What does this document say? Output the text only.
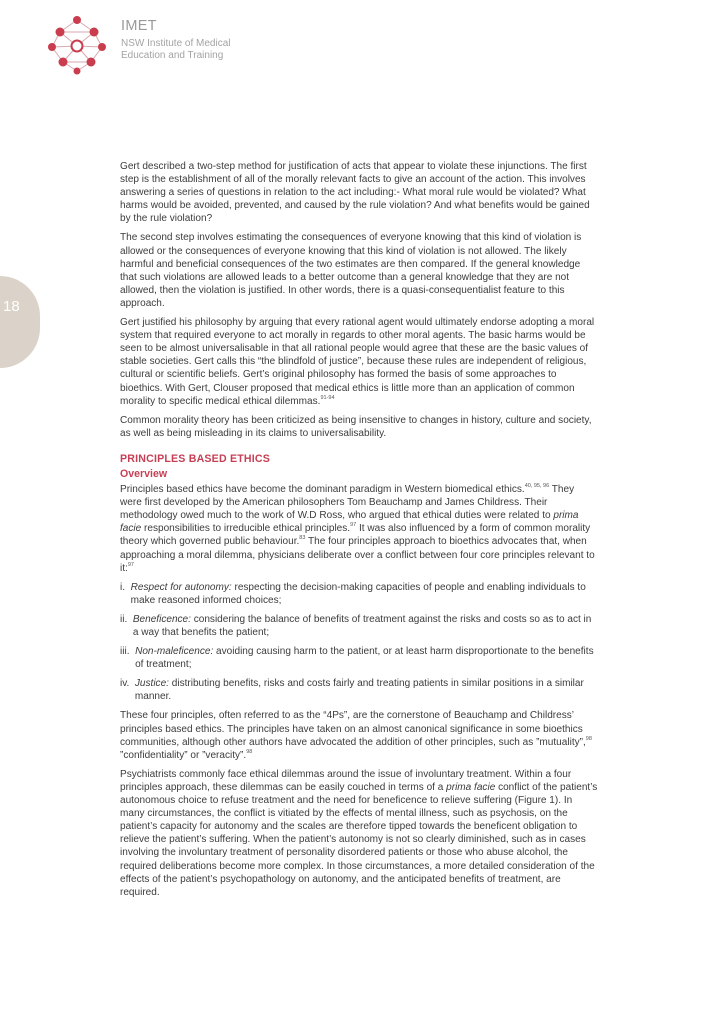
IMET
NSW Institute of Medical Education and Training
18

Gert described a two-step method for justification of acts that appear to violate these injunctions. The first step is the establishment of all of the morally relevant facts to give an account of the action. This involves answering a series of questions in relation to the act including:- What moral rule would be violated? What harms would be avoided, prevented, and caused by the rule violation? And what benefits would be gained by the rule violation?

The second step involves estimating the consequences of everyone knowing that this kind of violation is allowed or the consequences of everyone knowing that this kind of violation is not allowed. The likely harmful and beneficial consequences of the two estimates are then compared. If the general knowledge that such violations are allowed leads to a better outcome than a general knowledge that they are not allowed, then the violation is justified. In other words, there is a quasi-consequentialist feature to this approach.

Gert justified his philosophy by arguing that every rational agent would ultimately endorse adopting a moral system that required everyone to act morally in regards to other moral agents. The basic harms would be seen to be almost universalisable in that all rational people would agree that these are the basic values of stable societies. Gert calls this “the blindfold of justice”, because these rules are independent of religious, cultural or scientific beliefs. Gert’s original philosophy has formed the basis of some approaches to bioethics. With Gert, Clouser proposed that medical ethics is little more than an application of common morality to specific medical ethical dilemmas.$^{91-94}$

Common morality theory has been criticized as being insensitive to changes in history, culture and society, as well as being misleading in its claims to universalisability.

PRINCIPLES BASED ETHICS
Overview

Principles based ethics have become the dominant paradigm in Western biomedical ethics.$^{40, 95, 96}$ They were first developed by the American philosophers Tom Beauchamp and James Childress. Their methodology owed much to the work of W.D Ross, who argued that ethical duties were related to prima facie responsibilities to irreducible ethical principles.$^{97}$ It was also influenced by a form of common morality theory which governed public behaviour.$^{83}$ The four principles approach to bioethics advocates that, when approaching a moral dilemma, physicians deliberate over a conflict between four core principles relevant to it:$^{97}$

i. Respect for autonomy: respecting the decision-making capacities of people and enabling individuals to make reasoned informed choices;
ii. Beneficence: considering the balance of benefits of treatment against the risks and costs so as to act in a way that benefits the patient;
iii. Non-maleficence: avoiding causing harm to the patient, or at least harm disproportionate to the benefits of treatment;
iv. Justice: distributing benefits, risks and costs fairly and treating patients in similar positions in a similar manner.

These four principles, often referred to as the “4Ps”, are the cornerstone of Beauchamp and Childress’ principles based ethics. The principles have taken on an almost canonical significance in some bioethics communities, although other authors have advocated the addition of other principles, such as ”mutuality”,$^{98}$ ”confidentiality” or ”veracity”.$^{98}$

Psychiatrists commonly face ethical dilemmas around the issue of involuntary treatment. Within a four principles approach, these dilemmas can be easily couched in terms of a prima facie conflict of the patient’s autonomous choice to refuse treatment and the need for beneficence to relieve suffering (Figure 1). In many circumstances, the conflict is vitiated by the effects of mental illness, such as psychosis, on the patient’s capacity for autonomy and the scales are therefore tipped towards the beneficent obligation to relieve the patient’s suffering. When the patient’s autonomy is not so clearly diminished, such as in cases involving the involuntary treatment of personality disordered patients or those who abuse alcohol, the required deliberations become more complex. In those circumstances, a more detailed consideration of the effects of the patient’s psychopathology on autonomy, and the anticipated benefits of treatment, are required.
